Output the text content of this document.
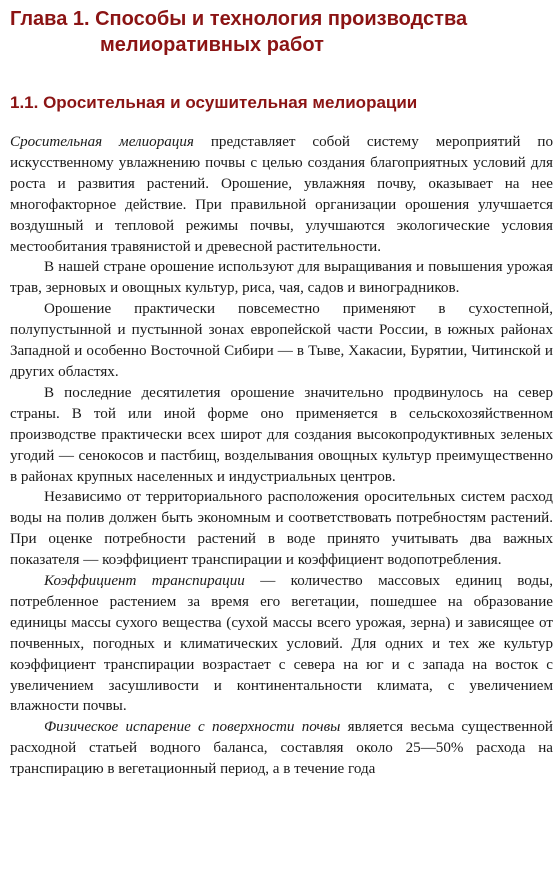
Глава 1. Способы и технология производства
мелиоративных работ
1.1. Оросительная и осушительная мелиорации

Сросительная мелиорация представляет собой систему мероприятий по искусственному увлажнению почвы с целью создания благоприятных условий для роста и развития растений. Орошение, увлажняя почву, оказывает на нее многофакторное действие. При правильной организации орошения улучшается воздушный и тепловой режимы почвы, улучшаются экологические условия местообитания травянистой и древесной растительности.

В нашей стране орошение используют для выращивания и повышения урожая трав, зерновых и овощных культур, риса, чая, садов и виноградников.

Орошение практически повсеместно применяют в сухостепной, полупустынной и пустынной зонах европейской части России, в южных районах Западной и особенно Восточной Сибири — в Тыве, Хакасии, Бурятии, Читинской и других областях.

В последние десятилетия орошение значительно продвинулось на север страны. В той или иной форме оно применяется в сельскохозяйственном производстве практически всех широт для создания высокопродуктивных зеленых угодий — сенокосов и пастбищ, возделывания овощных культур преимущественно в районах крупных населенных и индустриальных центров.

Независимо от территориального расположения оросительных систем расход воды на полив должен быть экономным и соответствовать потребностям растений. При оценке потребности растений в воде принято учитывать два важных показателя — коэффициент транспирации и коэффициент водопотребления.

Коэффициент транспирации — количество массовых единиц воды, потребленное растением за время его вегетации, пошедшее на образование единицы массы сухого вещества (сухой массы всего урожая, зерна) и зависящее от почвенных, погодных и климатических условий. Для одних и тех же культур коэффициент транспирации возрастает с севера на юг и с запада на восток с увеличением засушливости и континентальности климата, с увеличением влажности почвы.

Физическое испарение с поверхности почвы является весьма существенной расходной статьей водного баланса, составляя около 25—50% расхода на транспирацию в вегетационный период, а в течение года
